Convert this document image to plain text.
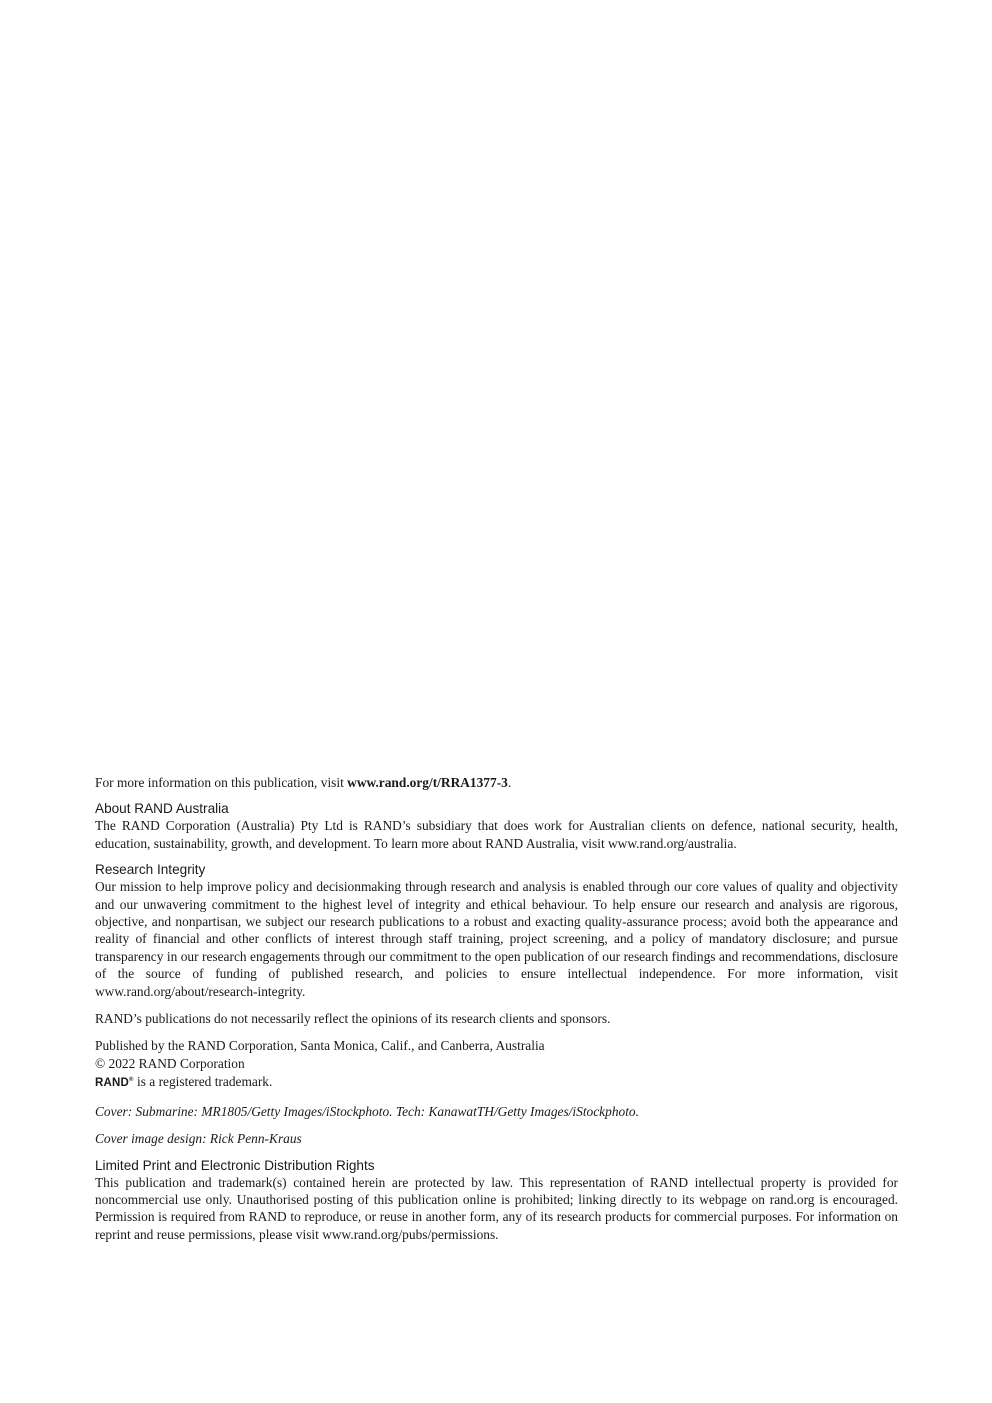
For more information on this publication, visit www.rand.org/t/RRA1377-3.

About RAND Australia

The RAND Corporation (Australia) Pty Ltd is RAND’s subsidiary that does work for Australian clients on defence, national security, health, education, sustainability, growth, and development. To learn more about RAND Australia, visit www.rand.org/australia.

Research Integrity

Our mission to help improve policy and decisionmaking through research and analysis is enabled through our core values of quality and objectivity and our unwavering commitment to the highest level of integrity and ethical behaviour. To help ensure our research and analysis are rigorous, objective, and nonpartisan, we subject our research publications to a robust and exacting quality-assurance process; avoid both the appearance and reality of financial and other conflicts of interest through staff training, project screening, and a policy of mandatory disclosure; and pursue transparency in our research engagements through our commitment to the open publication of our research findings and recommendations, disclosure of the source of funding of published research, and policies to ensure intellectual independence. For more information, visit www.rand.org/about/research-integrity.

RAND’s publications do not necessarily reflect the opinions of its research clients and sponsors.

Published by the RAND Corporation, Santa Monica, Calif., and Canberra, Australia
© 2022 RAND Corporation
RAND® is a registered trademark.

Cover: Submarine: MR1805/Getty Images/iStockphoto. Tech: KanawatTH/Getty Images/iStockphoto.

Cover image design: Rick Penn-Kraus

Limited Print and Electronic Distribution Rights

This publication and trademark(s) contained herein are protected by law. This representation of RAND intellectual property is provided for noncommercial use only. Unauthorised posting of this publication online is prohibited; linking directly to its webpage on rand.org is encouraged. Permission is required from RAND to reproduce, or reuse in another form, any of its research products for commercial purposes. For information on reprint and reuse permissions, please visit www.rand.org/pubs/permissions.
